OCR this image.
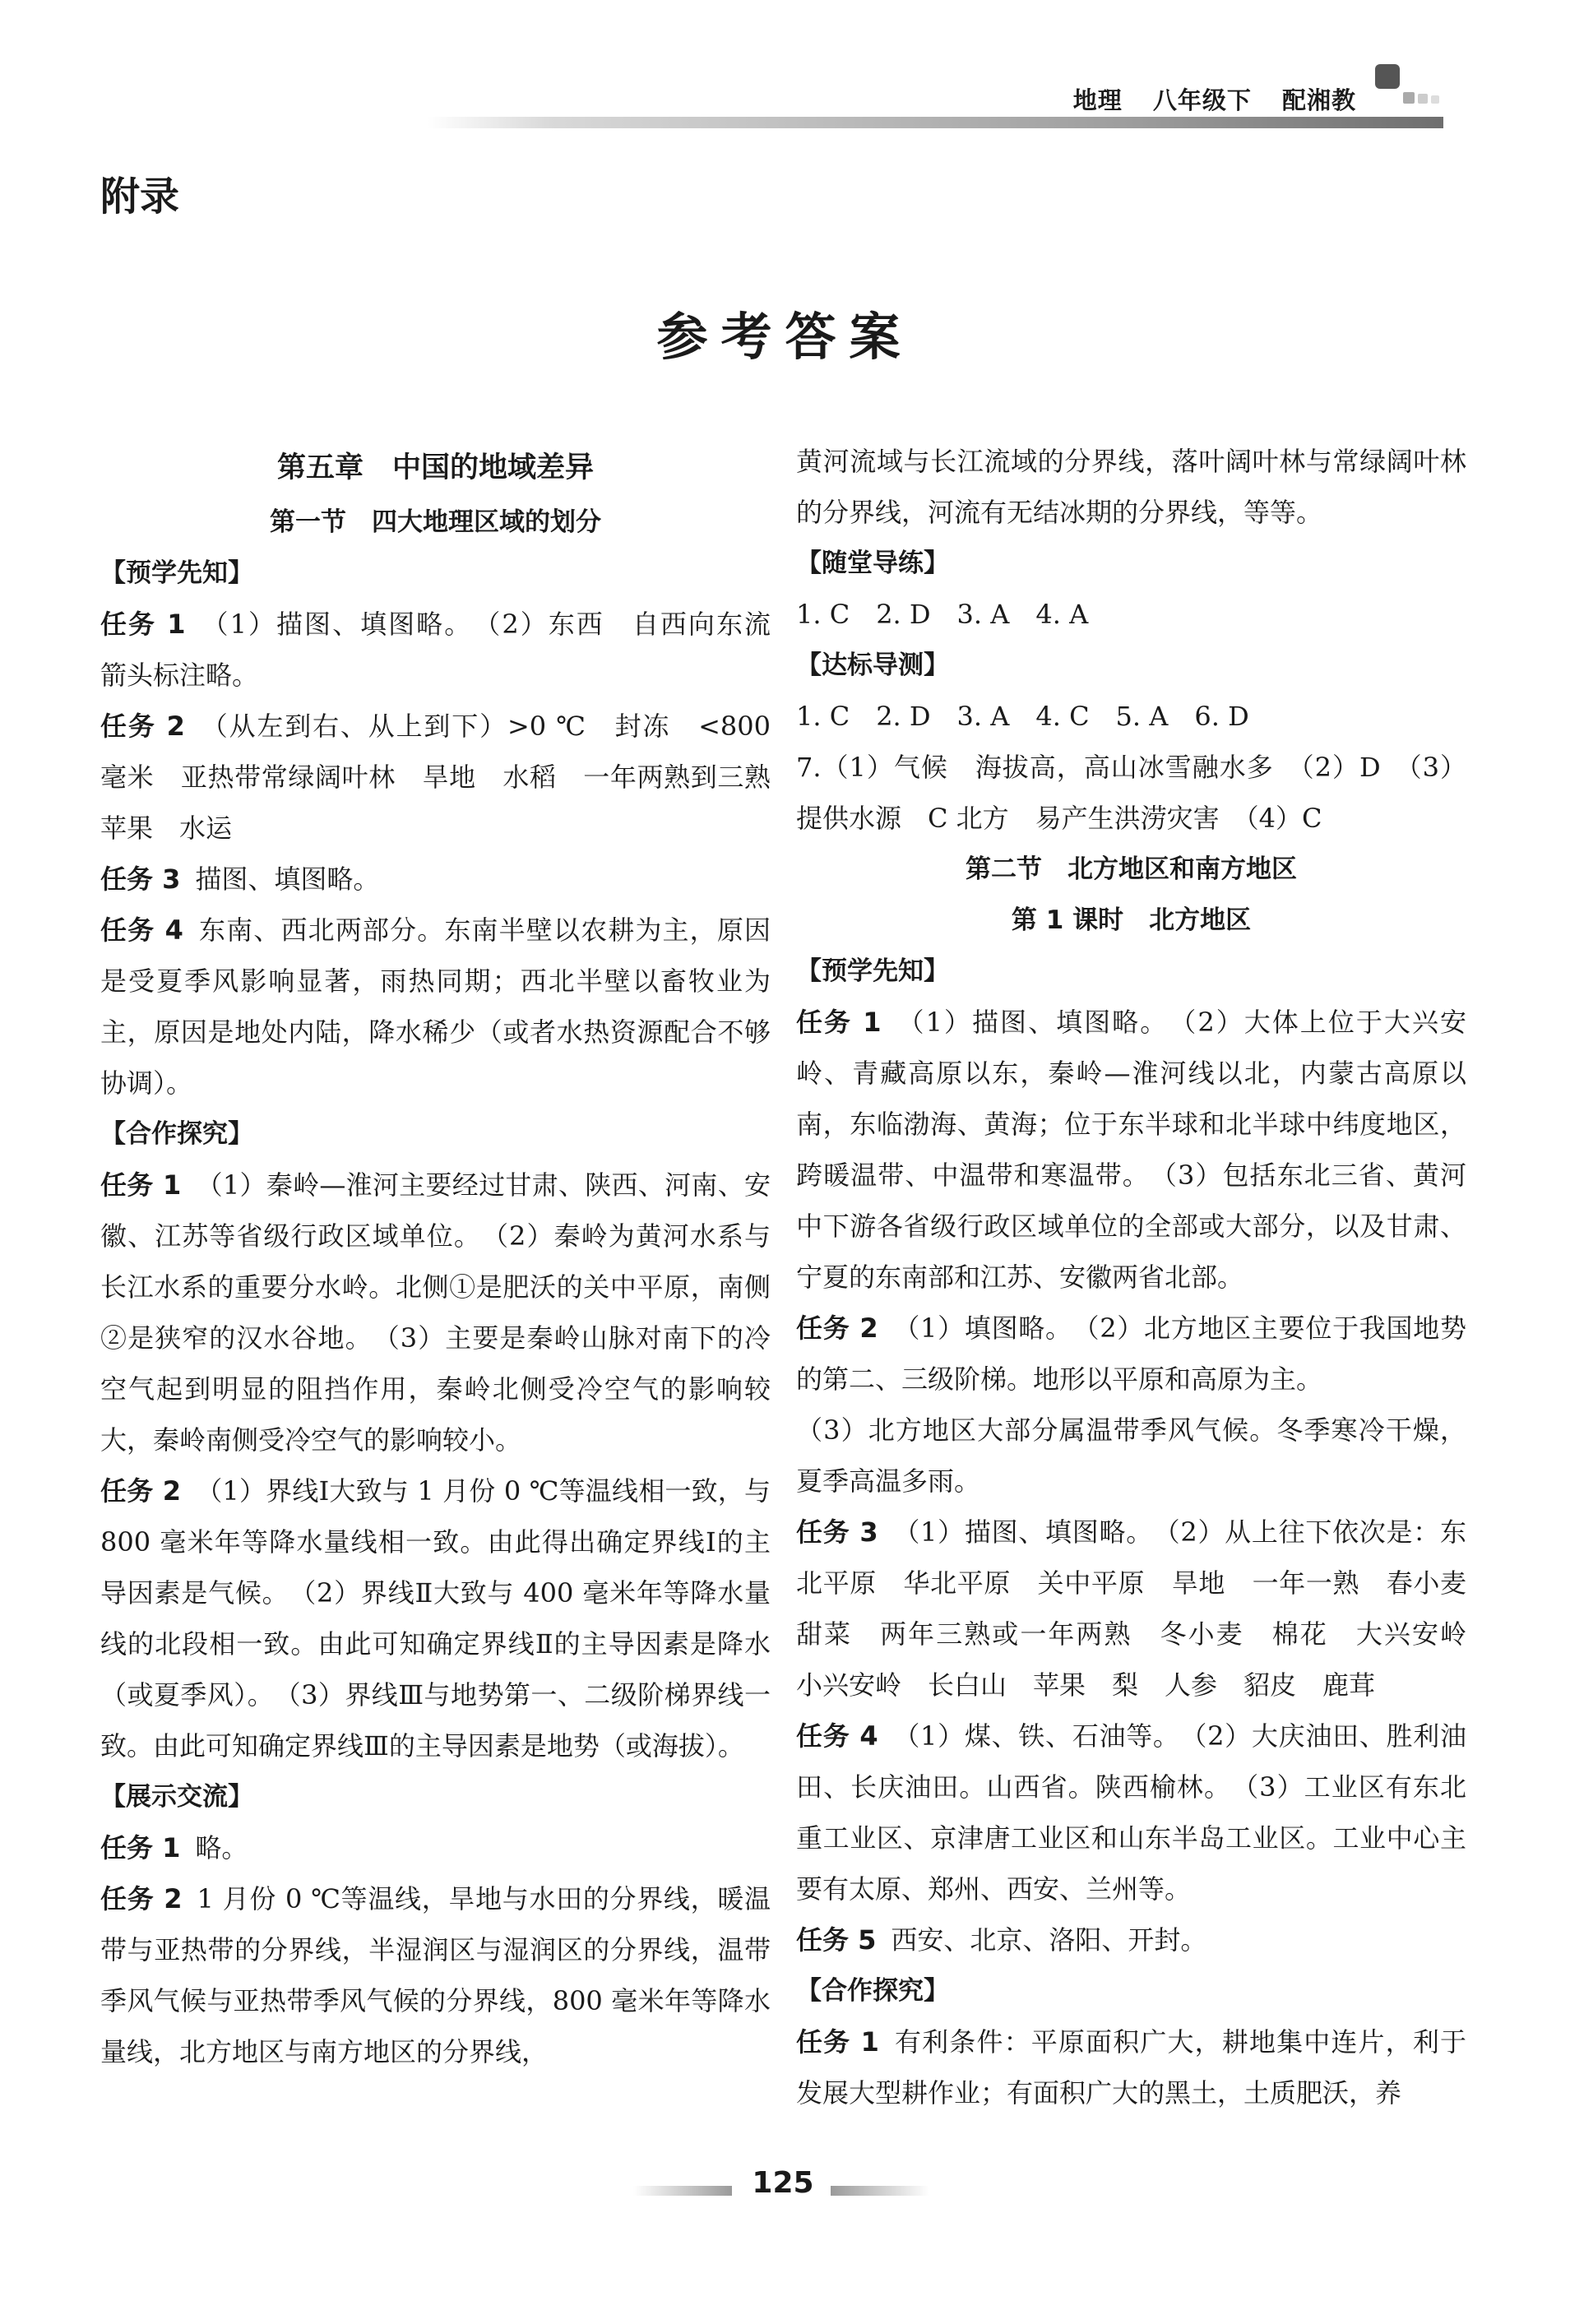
地理 八年级下 配湘教
附录
参考答案
第五章　中国的地域差异
第一节　四大地理区域的划分
【预学先知】

任务 1 （1）描图、填图略。　（2）东西　自西向东流　箭头标注略。

任务 2 （从左到右、从上到下）>0 ℃　封冻　<800 毫米　亚热带常绿阔叶林　旱地　水稻　一年两熟到三熟　苹果　水运

任务 3 描图、填图略。

任务 4 东南、西北两部分。东南半壁以农耕为主，原因是受夏季风影响显著，雨热同期；西北半壁以畜牧业为主，原因是地处内陆，降水稀少（或者水热资源配合不够协调）。

【合作探究】

任务 1 （1）秦岭—淮河主要经过甘肃、陕西、河南、安徽、江苏等省级行政区域单位。　（2）秦岭为黄河水系与长江水系的重要分水岭。北侧①是肥沃的关中平原，南侧②是狭窄的汉水谷地。　（3）主要是秦岭山脉对南下的冷空气起到明显的阻挡作用，秦岭北侧受冷空气的影响较大，秦岭南侧受冷空气的影响较小。

任务 2 （1）界线Ⅰ大致与 1 月份 0 ℃等温线相一致，与 800 毫米年等降水量线相一致。由此得出确定界线Ⅰ的主导因素是气候。　（2）界线Ⅱ大致与 400 毫米年等降水量线的北段相一致。由此可知确定界线Ⅱ的主导因素是降水（或夏季风）。　（3）界线Ⅲ与地势第一、二级阶梯界线一致。由此可知确定界线Ⅲ的主导因素是地势（或海拔）。

【展示交流】

任务 1 略。

任务 2 1 月份 0 ℃等温线，旱地与水田的分界线，暖温带与亚热带的分界线，半湿润区与湿润区的分界线，温带季风气候与亚热带季风气候的分界线，800 毫米年等降水量线，北方地区与南方地区的分界线，

黄河流域与长江流域的分界线，落叶阔叶林与常绿阔叶林的分界线，河流有无结冰期的分界线，等等。

【随堂导练】

1. C　2. D　3. A　4. A

【达标导测】

1. C　2. D　3. A　4. C　5. A　6. D

7.（1）气候　海拔高，高山冰雪融水多　（2）D　（3）提供水源　C 北方　易产生洪涝灾害　（4）C

第二节　北方地区和南方地区
第 1 课时　北方地区
【预学先知】

任务 1 （1）描图、填图略。　（2）大体上位于大兴安岭、青藏高原以东，秦岭—淮河线以北，内蒙古高原以南，东临渤海、黄海；位于东半球和北半球中纬度地区，跨暖温带、中温带和寒温带。　（3）包括东北三省、黄河中下游各省级行政区域单位的全部或大部分，以及甘肃、宁夏的东南部和江苏、安徽两省北部。

任务 2 （1）填图略。　（2）北方地区主要位于我国地势的第二、三级阶梯。地形以平原和高原为主。

（3）北方地区大部分属温带季风气候。冬季寒冷干燥，夏季高温多雨。

任务 3 （1）描图、填图略。　（2）从上往下依次是：东北平原　华北平原　关中平原　旱地　一年一熟　春小麦　甜菜　两年三熟或一年两熟　冬小麦　棉花　大兴安岭　小兴安岭　长白山　苹果　梨　人参　貂皮　鹿茸

任务 4 （1）煤、铁、石油等。　（2）大庆油田、胜利油田、长庆油田。山西省。陕西榆林。　（3）工业区有东北重工业区、京津唐工业区和山东半岛工业区。工业中心主要有太原、郑州、西安、兰州等。

任务 5 西安、北京、洛阳、开封。

【合作探究】

任务 1 有利条件：平原面积广大，耕地集中连片，利于发展大型耕作业；有面积广大的黑土，土质肥沃，养

125
